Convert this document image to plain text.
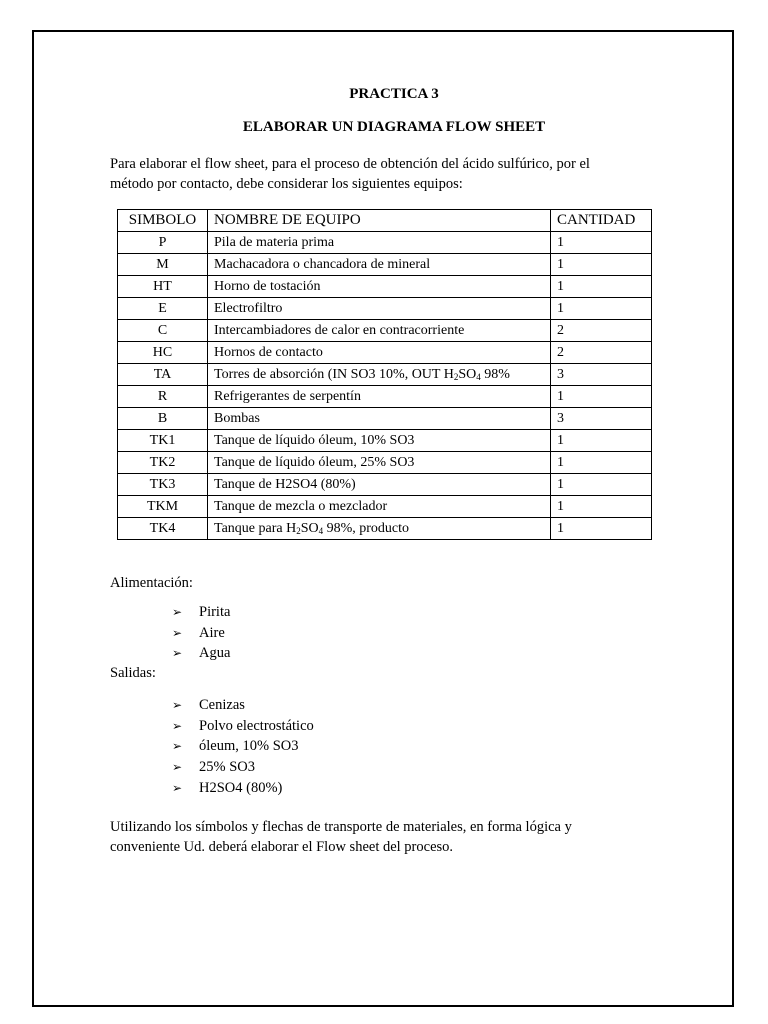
PRACTICA 3
ELABORAR UN DIAGRAMA FLOW SHEET
Para elaborar el flow sheet, para el proceso de obtención del ácido sulfúrico, por el
método por contacto, debe considerar los siguientes equipos:
SIMBOLO	NOMBRE DE EQUIPO	CANTIDAD
P	Pila de materia prima	1
M	Machacadora o chancadora de mineral	1
HT	Horno de tostación	1
E	Electrofiltro	1
C	Intercambiadores de calor en contracorriente	2
HC	Hornos de contacto	2
TA	Torres de absorción (IN SO3 10%, OUT $H_2SO_4$ 98%	3
R	Refrigerantes de serpentín	1
B	Bombas	3
TK1	Tanque de líquido óleum, 10% SO3	1
TK2	Tanque de líquido óleum, 25% SO3	1
TK3	Tanque de H2SO4 (80%)	1
TKM	Tanque de mezcla o mezclador	1
TK4	Tanque para $H_2SO_4$ 98%, producto	1
Alimentación:
➢	Pirita
➢	Aire
➢	Agua
Salidas:
➢	Cenizas
➢	Polvo electrostático
➢	óleum, 10% SO3
➢	25% SO3
➢	H2SO4 (80%)
Utilizando los símbolos y flechas de transporte de materiales, en forma lógica y
conveniente Ud. deberá elaborar el Flow sheet del proceso.
